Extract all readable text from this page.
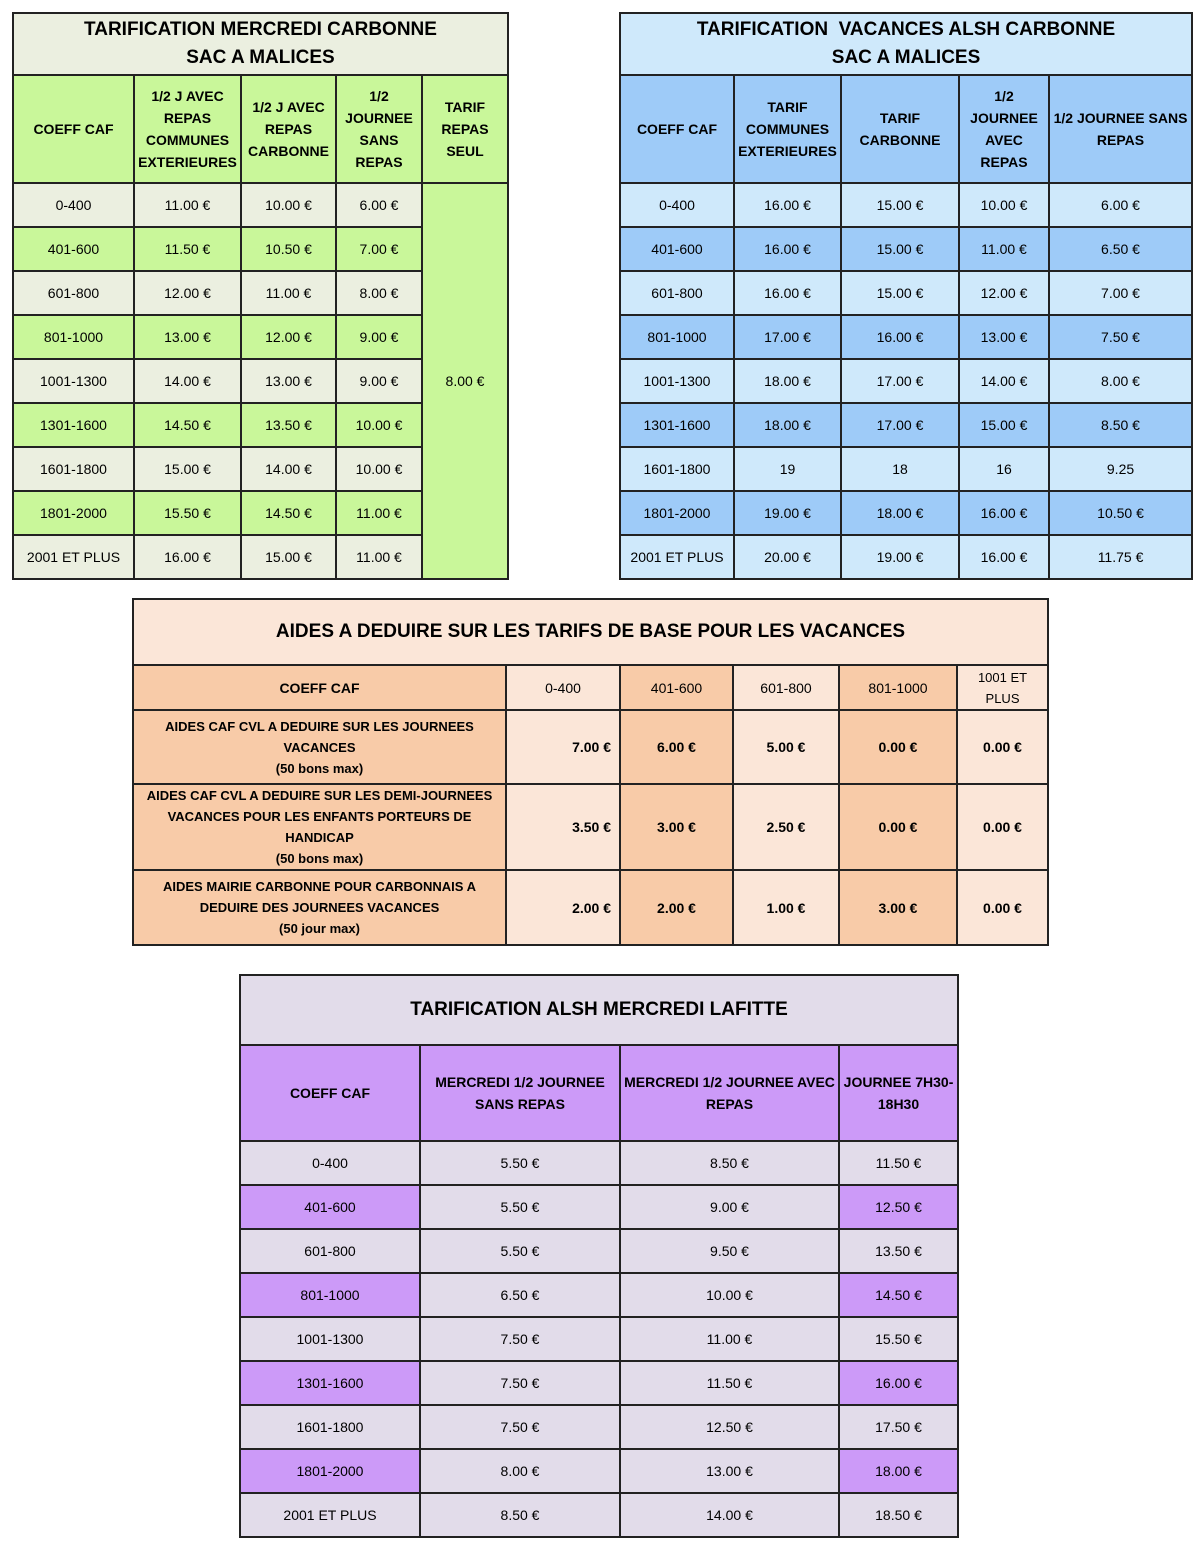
TARIFICATION MERCREDI CARBONNE
SAC A MALICES				

COEFF CAF	1/2 J AVEC REPAS COMMUNES EXTERIEURES	1/2 J AVEC REPAS CARBONNE	1/2 JOURNEE SANS REPAS	TARIF REPAS SEUL
0-400	11.00 €	10.00 €	6.00 €	8.00 €
401-600	11.50 €	10.50 €	7.00 €	
601-800	12.00 €	11.00 €	8.00 €	
801-1000	13.00 €	12.00 €	9.00 €	
1001-1300	14.00 €	13.00 €	9.00 €	
1301-1600	14.50 €	13.50 €	10.00 €	
1601-1800	15.00 €	14.00 €	10.00 €	
1801-2000	15.50 €	14.50 €	11.00 €	
2001 ET PLUS	16.00 €	15.00 €	11.00 €	
TARIFICATION  VACANCES ALSH CARBONNE
SAC A MALICES				

COEFF CAF	TARIF COMMUNES EXTERIEURES	TARIF CARBONNE	1/2 JOURNEE AVEC REPAS	1/2 JOURNEE SANS REPAS
0-400	16.00 €	15.00 €	10.00 €	6.00 €
401-600	16.00 €	15.00 €	11.00 €	6.50 €
601-800	16.00 €	15.00 €	12.00 €	7.00 €
801-1000	17.00 €	16.00 €	13.00 €	7.50 €
1001-1300	18.00 €	17.00 €	14.00 €	8.00 €
1301-1600	18.00 €	17.00 €	15.00 €	8.50 €
1601-1800	19	18	16	9.25
1801-2000	19.00 €	18.00 €	16.00 €	10.50 €
2001 ET PLUS	20.00 €	19.00 €	16.00 €	11.75 €
AIDES A DEDUIRE SUR LES TARIFS DE BASE POUR LES VACANCES					
COEFF CAF	0-400	401-600	601-800	801-1000	1001 ET PLUS

AIDES CAF CVL A DEDUIRE SUR LES JOURNEES VACANCES
(50 bons max)	7.00 €	6.00 €	5.00 €	0.00 €	0.00 €

AIDES CAF CVL A DEDUIRE SUR LES DEMI-JOURNEES
VACANCES POUR LES ENFANTS PORTEURS DE HANDICAP
(50 bons max)	3.50 €	3.00 €	2.50 €	0.00 €	0.00 €

AIDES MAIRIE CARBONNE POUR CARBONNAIS A
DEDUIRE DES JOURNEES VACANCES
(50 jour max)	2.00 €	2.00 €	1.00 €	3.00 €	0.00 €
TARIFICATION ALSH MERCREDI LAFITTE			
COEFF CAF	MERCREDI 1/2 JOURNEE SANS REPAS	MERCREDI 1/2 JOURNEE AVEC REPAS	JOURNEE 7H30-18H30
0-400	5.50 €	8.50 €	11.50 €
401-600	5.50 €	9.00 €	12.50 €
601-800	5.50 €	9.50 €	13.50 €
801-1000	6.50 €	10.00 €	14.50 €
1001-1300	7.50 €	11.00 €	15.50 €
1301-1600	7.50 €	11.50 €	16.00 €
1601-1800	7.50 €	12.50 €	17.50 €
1801-2000	8.00 €	13.00 €	18.00 €
2001 ET PLUS	8.50 €	14.00 €	18.50 €
